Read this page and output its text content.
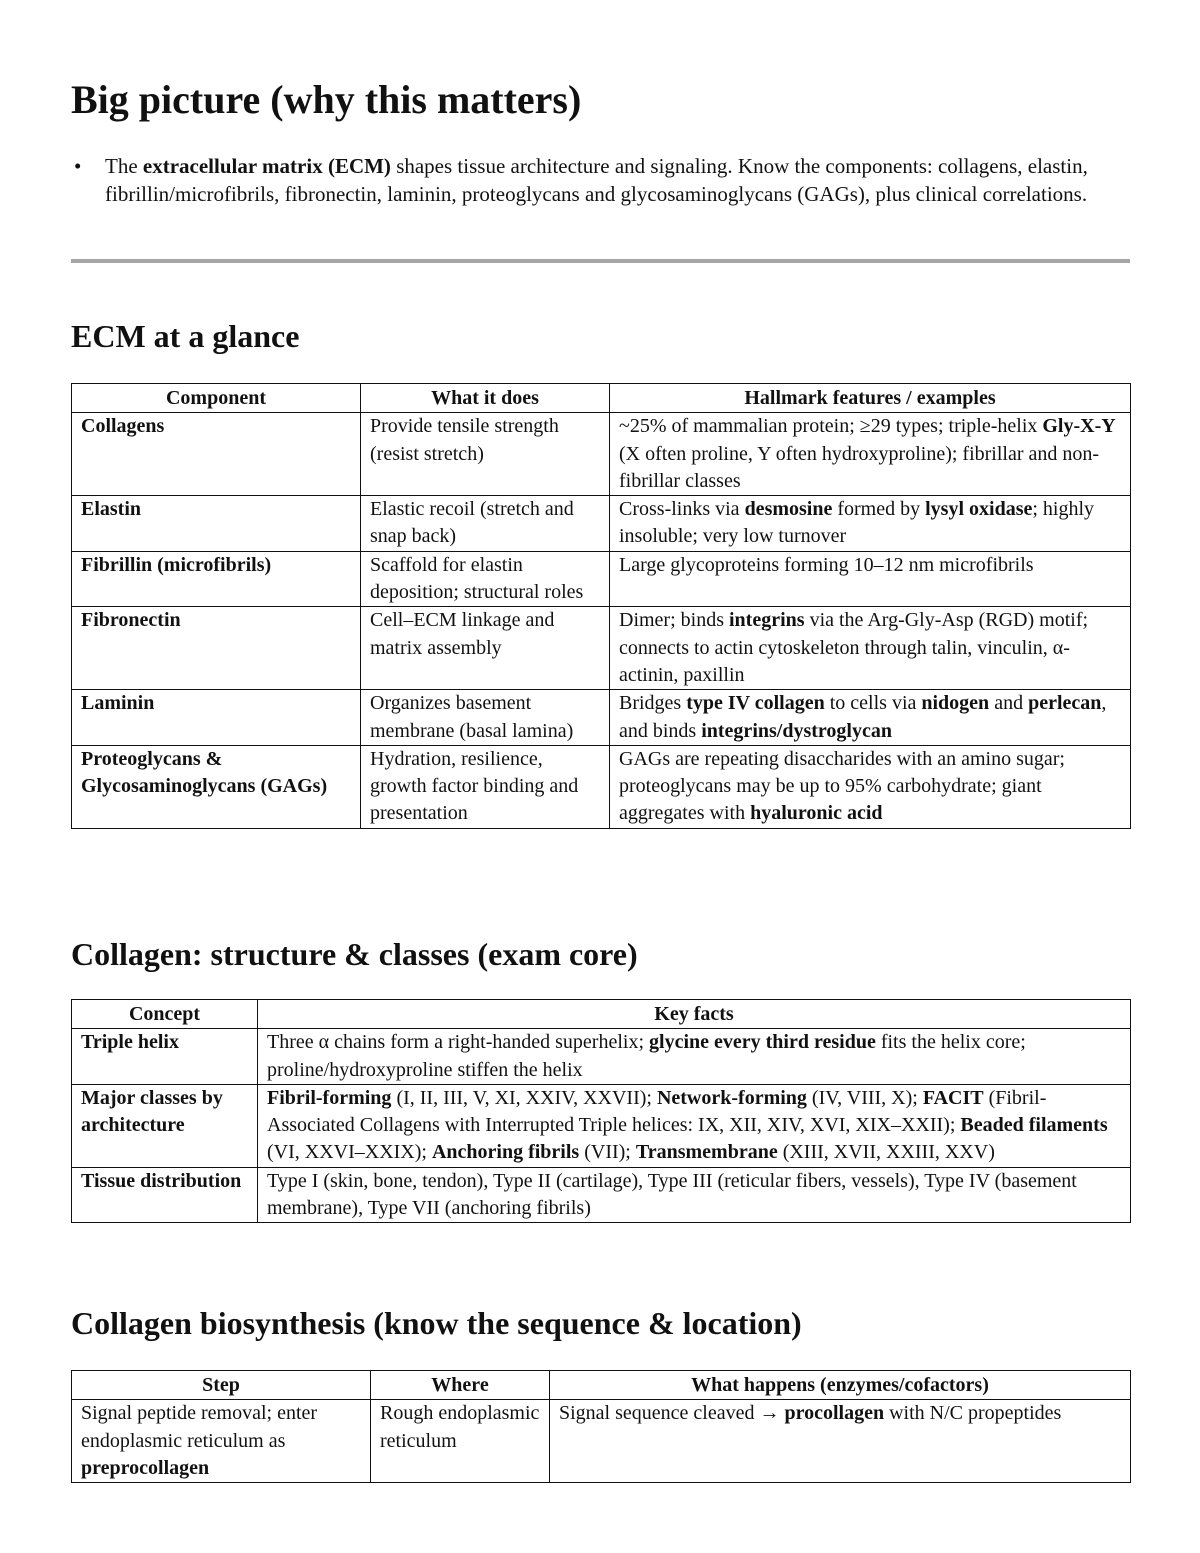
Big picture (why this matters)
• The extracellular matrix (ECM) shapes tissue architecture and signaling. Know the components: collagens, elastin, fibrillin/microfibrils, fibronectin, laminin, proteoglycans and glycosaminoglycans (GAGs), plus clinical correlations.
ECM at a glance
Component	What it does	Hallmark features / examples
Collagens	Provide tensile strength (resist stretch)	~25% of mammalian protein; ≥29 types; triple-helix Gly-X-Y (X often proline, Y often hydroxyproline); fibrillar and non-fibrillar classes
Elastin	Elastic recoil (stretch and snap back)	Cross-links via desmosine formed by lysyl oxidase; highly insoluble; very low turnover
Fibrillin (microfibrils)	Scaffold for elastin deposition; structural roles	Large glycoproteins forming 10–12 nm microfibrils
Fibronectin	Cell–ECM linkage and matrix assembly	Dimer; binds integrins via the Arg-Gly-Asp (RGD) motif; connects to actin cytoskeleton through talin, vinculin, α-actinin, paxillin
Laminin	Organizes basement membrane (basal lamina)	Bridges type IV collagen to cells via nidogen and perlecan, and binds integrins/dystroglycan
Proteoglycans & Glycosaminoglycans (GAGs)	Hydration, resilience, growth factor binding and presentation	GAGs are repeating disaccharides with an amino sugar; proteoglycans may be up to 95% carbohydrate; giant aggregates with hyaluronic acid
Collagen: structure & classes (exam core)
Concept	Key facts
Triple helix	Three α chains form a right-handed superhelix; glycine every third residue fits the helix core; proline/hydroxyproline stiffen the helix
Major classes by architecture	Fibril-forming (I, II, III, V, XI, XXIV, XXVII); Network-forming (IV, VIII, X); FACIT (Fibril-Associated Collagens with Interrupted Triple helices: IX, XII, XIV, XVI, XIX–XXII); Beaded filaments (VI, XXVI–XXIX); Anchoring fibrils (VII); Transmembrane (XIII, XVII, XXIII, XXV)
Tissue distribution	Type I (skin, bone, tendon), Type II (cartilage), Type III (reticular fibers, vessels), Type IV (basement membrane), Type VII (anchoring fibrils)
Collagen biosynthesis (know the sequence & location)
Step	Where	What happens (enzymes/cofactors)
Signal peptide removal; enter endoplasmic reticulum as preprocollagen	Rough endoplasmic reticulum	Signal sequence cleaved → procollagen with N/C propeptides
